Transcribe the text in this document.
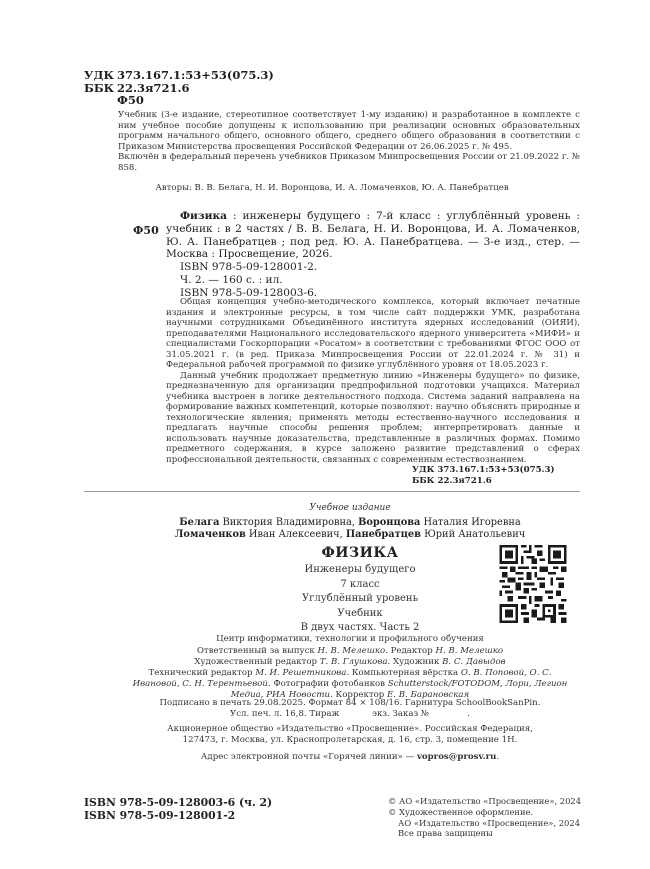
УДК 373.167.1:53+53(075.3)
ББК 22.3я721.6
Ф50

Учебник (3-е издание, стереотипное соответствует 1-му изданию) и разработанное в комплекте с ним учебное пособие допущены к использованию при реализации основных образовательных программ начального общего, основного общего, среднего общего образования в соответствии с Приказом Министерства просвещения Российской Федерации от 26.06.2025 г. № 495.

Включён в федеральный перечень учебников Приказом Минпросвещения России от 21.09.2022 г. № 858.

Авторы: В. В. Белага, Н. И. Воронцова, И. А. Ломаченков, Ю. А. Панебратцев
Ф50

Физика : инженеры будущего : 7-й класс : углублённый уровень : учебник : в 2 частях / В. В. Белага, Н. И. Воронцова, И. А. Ломаченков, Ю. А. Панебратцев ; под ред. Ю. А. Панебратцева. — 3-е изд., стер. — Москва : Просвещение, 2026.

ISBN 978-5-09-128001-2.

Ч. 2. — 160 с. : ил.

ISBN 978-5-09-128003-6.

Общая концепция учебно-методического комплекса, который включает печатные издания и электронные ресурсы, в том числе сайт поддержки УМК, разработана научными сотрудниками Объединённого института ядерных исследований (ОИЯИ), преподавателями Национального исследовательского ядерного университета «МИФИ» и специалистами Госкорпорации «Росатом» в соответствии с требованиями ФГОС ООО от 31.05.2021 г. (в ред. Приказа Минпросвещения России от 22.01.2024 г. № 31) и Федеральной рабочей программой по физике углублённого уровня от 18.05.2023 г.

Данный учебник продолжает предметную линию «Инженеры будущего» по физике, предназначенную для организации предпрофильной подготовки учащихся. Материал учебника выстроен в логике деятельностного подхода. Система заданий направлена на формирование важных компетенций, которые позволяют: научно объяснять природные и технологические явления; применять методы естественно-научного исследования и предлагать научные способы решения проблем; интерпретировать данные и использовать научные доказательства, представленные в различных формах. Помимо предметного содержания, в курсе заложено развитие представлений о сферах профессиональной деятельности, связанных с современным естествознанием.

УДК 373.167.1:53+53(075.3)
ББК 22.3я721.6
Учебное издание
Белага Виктория Владимировна, Воронцова Наталия Игоревна
Ломаченков Иван Алексеевич, Панебратцев Юрий Анатольевич
ФИЗИКА
Инженеры будущего
7 класс
Углублённый уровень
Учебник
В двух частях. Часть 2
Центр информатики, технологии и профильного обучения
Ответственный за выпуск Н. В. Мелешко. Редактор Н. В. Мелешко
Художественный редактор Т. В. Глушкова. Художник В. С. Давыдов
Технический редактор М. И. Решетникова. Компьютерная вёрстка О. В. Поповой, О. С. Ивановой, С. Н. Терентьевой. Фотографии фотобанков Schutterstock/FOTODOM, Лори, Легион Медиа, РИА Новости. Корректор Е. В. Барановская
Подписано в печать 29.08.2025. Формат 84 × 108/16. Гарнитура SchoolBookSanPin.
Усл. печ. л. 16,8. Тираж            экз. Заказ №              .
Акционерное общество «Издательство «Просвещение». Российская Федерация,
127473, г. Москва, ул. Краснопролетарская, д. 16, стр. 3, помещение 1Н.
Адрес электронной почты «Горячей линии» — vopros@prosv.ru.
ISBN 978-5-09-128003-6 (ч. 2)
ISBN 978-5-09-128001-2
© АО «Издательство «Просвещение», 2024
© Художественное оформление.
АО «Издательство «Просвещение», 2024
Все права защищены
